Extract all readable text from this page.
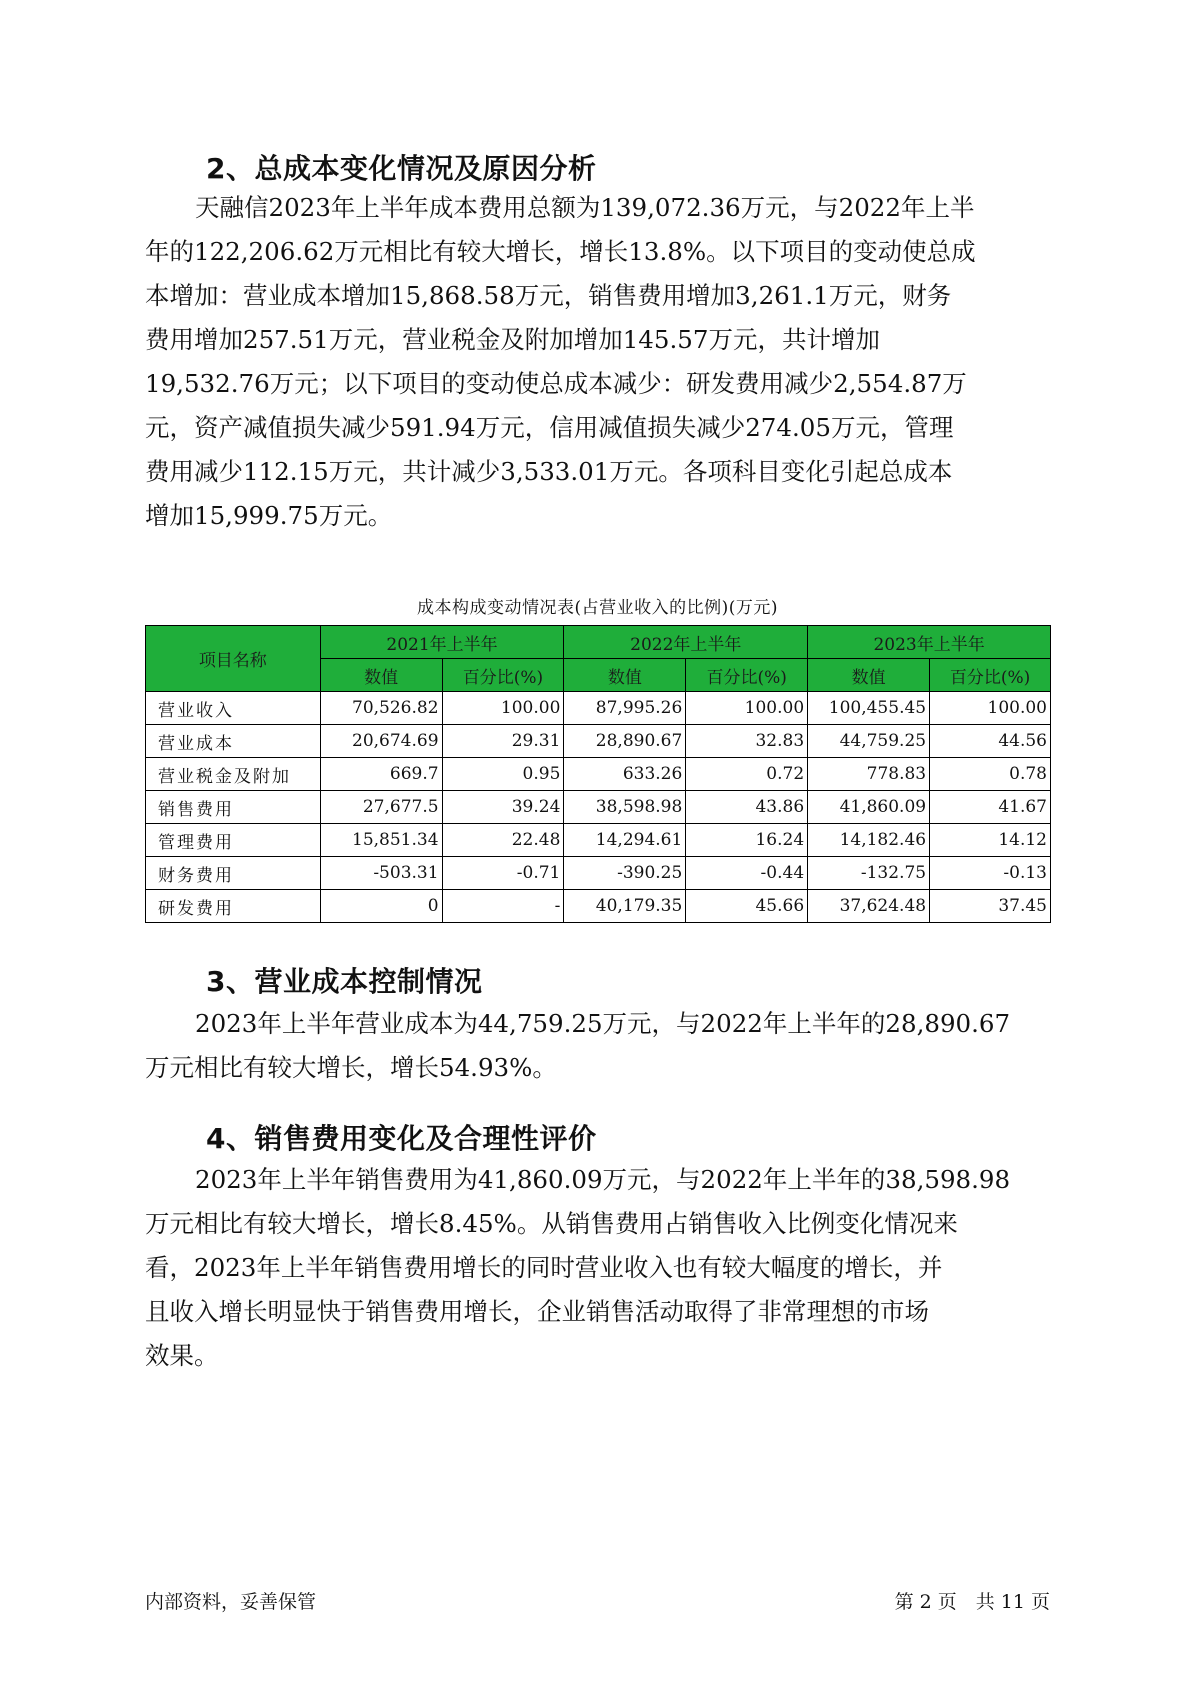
2、总成本变化情况及原因分析
天融信2023年上半年成本费用总额为139,072.36万元，与2022年上半
年的122,206.62万元相比有较大增长，增长13.8%。以下项目的变动使总成
本增加：营业成本增加15,868.58万元，销售费用增加3,261.1万元，财务
费用增加257.51万元，营业税金及附加增加145.57万元，共计增加
19,532.76万元；以下项目的变动使总成本减少：研发费用减少2,554.87万
元，资产减值损失减少591.94万元，信用减值损失减少274.05万元，管理
费用减少112.15万元，共计减少3,533.01万元。各项科目变化引起总成本
增加15,999.75万元。
成本构成变动情况表(占营业收入的比例)(万元)
项目名称	2021年上半年		2022年上半年		2023年上半年	
	数值	百分比(%)	数值	百分比(%)	数值	百分比(%)
营业收入	70,526.82	100.00	87,995.26	100.00	100,455.45	100.00
营业成本	20,674.69	29.31	28,890.67	32.83	44,759.25	44.56
营业税金及附加	669.7	0.95	633.26	0.72	778.83	0.78
销售费用	27,677.5	39.24	38,598.98	43.86	41,860.09	41.67
管理费用	15,851.34	22.48	14,294.61	16.24	14,182.46	14.12
财务费用	-503.31	-0.71	-390.25	-0.44	-132.75	-0.13
研发费用	0	-	40,179.35	45.66	37,624.48	37.45
3、营业成本控制情况
2023年上半年营业成本为44,759.25万元，与2022年上半年的28,890.67
万元相比有较大增长，增长54.93%。
4、销售费用变化及合理性评价
2023年上半年销售费用为41,860.09万元，与2022年上半年的38,598.98
万元相比有较大增长，增长8.45%。从销售费用占销售收入比例变化情况来
看，2023年上半年销售费用增长的同时营业收入也有较大幅度的增长，并
且收入增长明显快于销售费用增长，企业销售活动取得了非常理想的市场
效果。
内部资料，妥善保管	第 2 页　共 11 页
